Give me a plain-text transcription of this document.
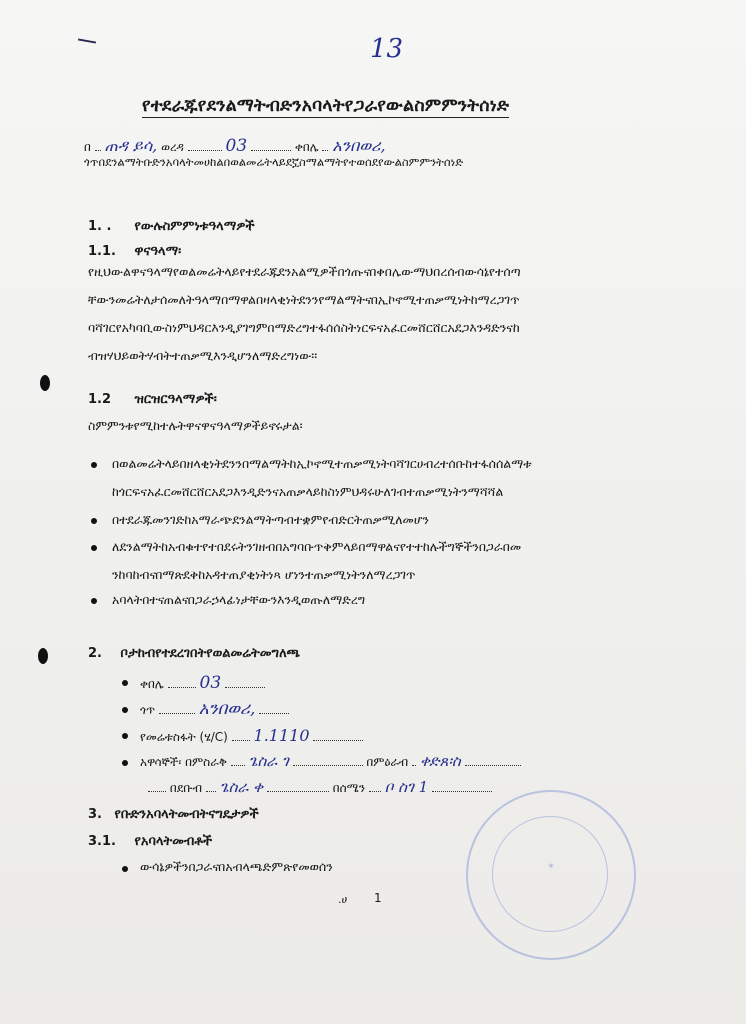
13
የተደራጁየደንልማትብድንአባላትየጋራየውልስምምንትሰነድ
በ ጠዳ ይሳ, ወረዳ 03	ቀበሌ አንበወሪ,
ጎጥበደንልማትቡድንአባላትመሀከልበወልመሬትላይደኟስማልማትየተወሰደየውልስምምንትሰነድ
1. . የውሉስምምነቱዓላማዎች
1.1. ዋናዓላማ፡
የዚህውልዋናዓላማየወልመሬትላይየተደራጁደንአልሚዎችበጎጡናበቀበሌውማህበረሰብውሳኔየተሰጣ
ቸውንመሬትለታሰመለትዓላማበማዋልበዛላቂነትደንንየማልማትናበኢኮኖሚተጠቃሚነትከማረጋገጥ
ባሻገርየአካባቢውስነምህዳርእንዲያገግምበማድረግተፋሰሰስትነርፍናአፈርመሸርሸርአደጋእንዳድንናከ
ብዝሃህይወትሃብትተጠቃሚእንዲሆንለማድረግነው፡፡
1.2 ዝርዝርዓላማዎች፡
ስምምንቱየሚከተሉትዋናዋናዓላማዎችይኖሩታል፡
በወልመሬትላይበዘላቂነትደንንበማልማትከኢኮኖሚተጠቃሚነትባሻገርሀብረተሰቡከተፋሰሰልማቱ
ከጎርፍናአፈርመሸርሸርአደጋእንዲድንናአጠቃላይከስነምህዳሩሁለገብተጠቃሚነትንማሻሻል
በተደራጁመንገድከአማራጭደንልማትጣብተቋምየብድርትጠቃሚለመሆን
ለደንልማትከአብቁተየተበደሩትንገዘብበአግባቡጥቅምላይበማዋልናየተተከሉችግኞችንበጋራበመ
ንከባከብናበማጽደቅከአዳተጠያቂነትነጻ ሆነንተጠቃሚነትንለማረጋገጥ
አባላትበተናጠልናበጋራኃላፊነታቸውንእንዲወጡለማድረግ
2. ቦታከብየተደረገበትየወልመሬትመግለጫ
ቀበሌ 03
ጎጥ	አንበወሪ,
የመሬቱስፋት (ሄ/C) 1.1110
አዋሳኞች፡ በምስራቅ ጌስራ ገ	በምዕራብ ቀድጸ፡ስ
በደቡብ ጌስራ ቀ	በሰሜን ቦ ስገ 1
✶
3. የቡድንአባላትመብትናግዴታዎች
3.1. የአባላትመብቶች
ውሳኔዎችንበጋራናበአብላጫድምጽየመወሰን
.ሀ 1
